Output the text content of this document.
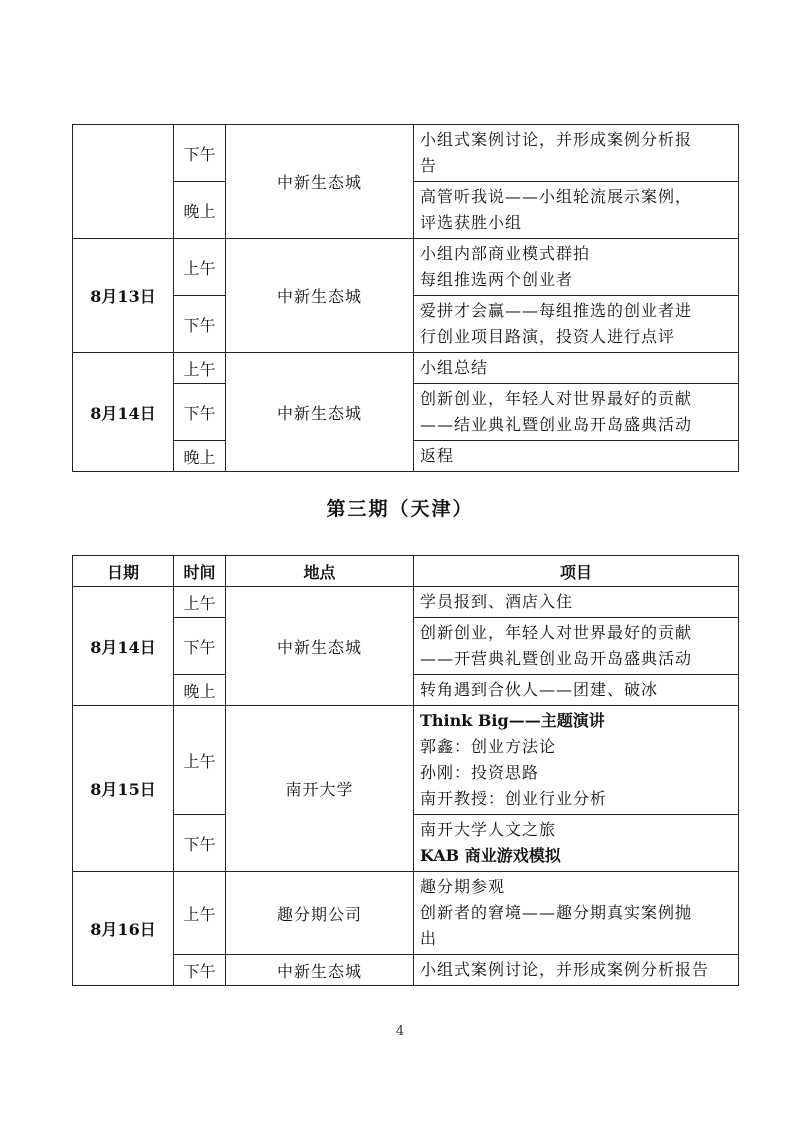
	下午	中新生态城	小组式案例讨论，并形成案例分析报
告

	晚上		高管听我说——小组轮流展示案例，
评选获胜小组

8月13日	上午	中新生态城	小组内部商业模式群拍
每组推选两个创业者

	下午		爱拼才会赢——每组推选的创业者进
行创业项目路演，投资人进行点评

8月14日	上午	中新生态城	小组总结

	下午		创新创业，年轻人对世界最好的贡献
——结业典礼暨创业岛开岛盛典活动

	晚上		返程
第三期（天津）
日期	时间	地点	项目
8月14日	上午	中新生态城	学员报到、酒店入住

	下午		创新创业，年轻人对世界最好的贡献
——开营典礼暨创业岛开岛盛典活动

	晚上		转角遇到合伙人——团建、破冰

8月15日	上午	南开大学	Think Big——主题演讲
郭鑫：创业方法论
孙刚：投资思路
南开教授：创业行业分析

	下午		南开大学人文之旅
KAB 商业游戏模拟

8月16日	上午	趣分期公司	趣分期参观
创新者的窘境——趣分期真实案例抛
出

	下午	中新生态城	小组式案例讨论，并形成案例分析报告
4
